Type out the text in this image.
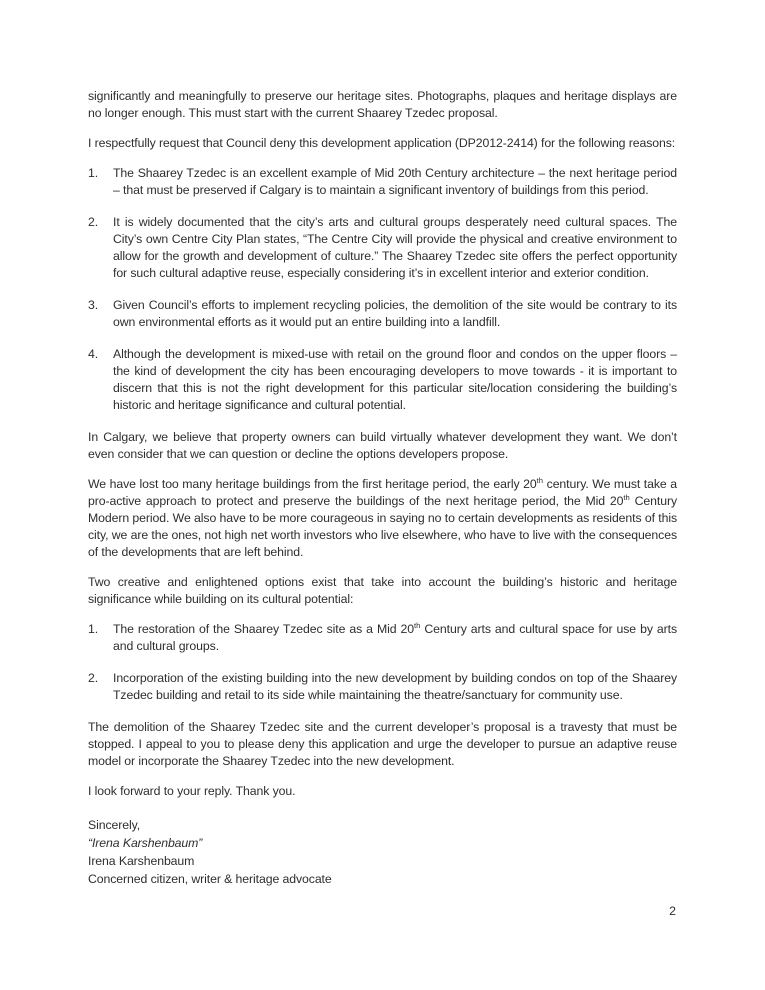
significantly and meaningfully to preserve our heritage sites. Photographs, plaques and heritage displays are no longer enough. This must start with the current Shaarey Tzedec proposal.

I respectfully request that Council deny this development application (DP2012-2414) for the following reasons:

1.	The Shaarey Tzedec is an excellent example of Mid 20th Century architecture – the next heritage period – that must be preserved if Calgary is to maintain a significant inventory of buildings from this period.
2.	It is widely documented that the city’s arts and cultural groups desperately need cultural spaces. The City’s own Centre City Plan states, “The Centre City will provide the physical and creative environment to allow for the growth and development of culture.” The Shaarey Tzedec site offers the perfect opportunity for such cultural adaptive reuse, especially considering it’s in excellent interior and exterior condition.
3.	Given Council’s efforts to implement recycling policies, the demolition of the site would be contrary to its own environmental efforts as it would put an entire building into a landfill.
4.	Although the development is mixed-use with retail on the ground floor and condos on the upper floors – the kind of development the city has been encouraging developers to move towards - it is important to discern that this is not the right development for this particular site/location considering the building’s historic and heritage significance and cultural potential.

In Calgary, we believe that property owners can build virtually whatever development they want. We don’t even consider that we can question or decline the options developers propose.

We have lost too many heritage buildings from the first heritage period, the early 20th century. We must take a pro-active approach to protect and preserve the buildings of the next heritage period, the Mid 20th Century Modern period. We also have to be more courageous in saying no to certain developments as residents of this city, we are the ones, not high net worth investors who live elsewhere, who have to live with the consequences of the developments that are left behind.

Two creative and enlightened options exist that take into account the building’s historic and heritage significance while building on its cultural potential:

1.	The restoration of the Shaarey Tzedec site as a Mid 20th Century arts and cultural space for use by arts and cultural groups.
2.	Incorporation of the existing building into the new development by building condos on top of the Shaarey Tzedec building and retail to its side while maintaining the theatre/sanctuary for community use.

The demolition of the Shaarey Tzedec site and the current developer’s proposal is a travesty that must be stopped. I appeal to you to please deny this application and urge the developer to pursue an adaptive reuse model or incorporate the Shaarey Tzedec into the new development.

I look forward to your reply. Thank you.

Sincerely,

“Irena Karshenbaum”

Irena Karshenbaum

Concerned citizen, writer & heritage advocate

2
